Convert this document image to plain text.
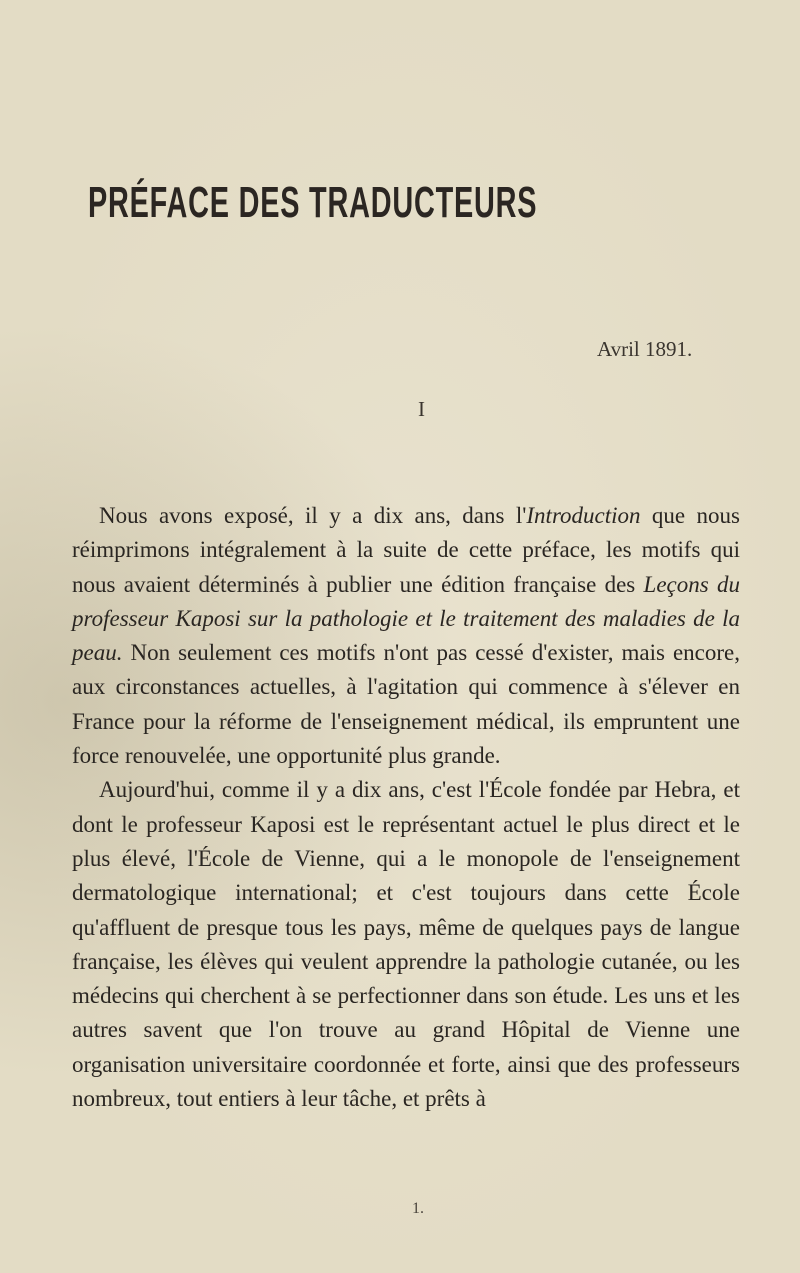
PRÉFACE DES TRADUCTEURS
Avril 1891.
I

Nous avons exposé, il y a dix ans, dans l'Introduction que nous réimprimons intégralement à la suite de cette préface, les motifs qui nous avaient déterminés à publier une édition française des Leçons du professeur Kaposi sur la pathologie et le traitement des maladies de la peau. Non seulement ces motifs n'ont pas cessé d'exister, mais encore, aux circonstances actuelles, à l'agitation qui commence à s'élever en France pour la réforme de l'enseignement médical, ils empruntent une force renouvelée, une opportunité plus grande.

Aujourd'hui, comme il y a dix ans, c'est l'École fondée par Hebra, et dont le professeur Kaposi est le représentant actuel le plus direct et le plus élevé, l'École de Vienne, qui a le monopole de l'enseignement dermatologique international; et c'est toujours dans cette École qu'affluent de presque tous les pays, même de quelques pays de langue française, les élèves qui veulent apprendre la pathologie cutanée, ou les médecins qui cherchent à se perfectionner dans son étude. Les uns et les autres savent que l'on trouve au grand Hôpital de Vienne une organisation universitaire coordonnée et forte, ainsi que des professeurs nombreux, tout entiers à leur tâche, et prêts à

1.
